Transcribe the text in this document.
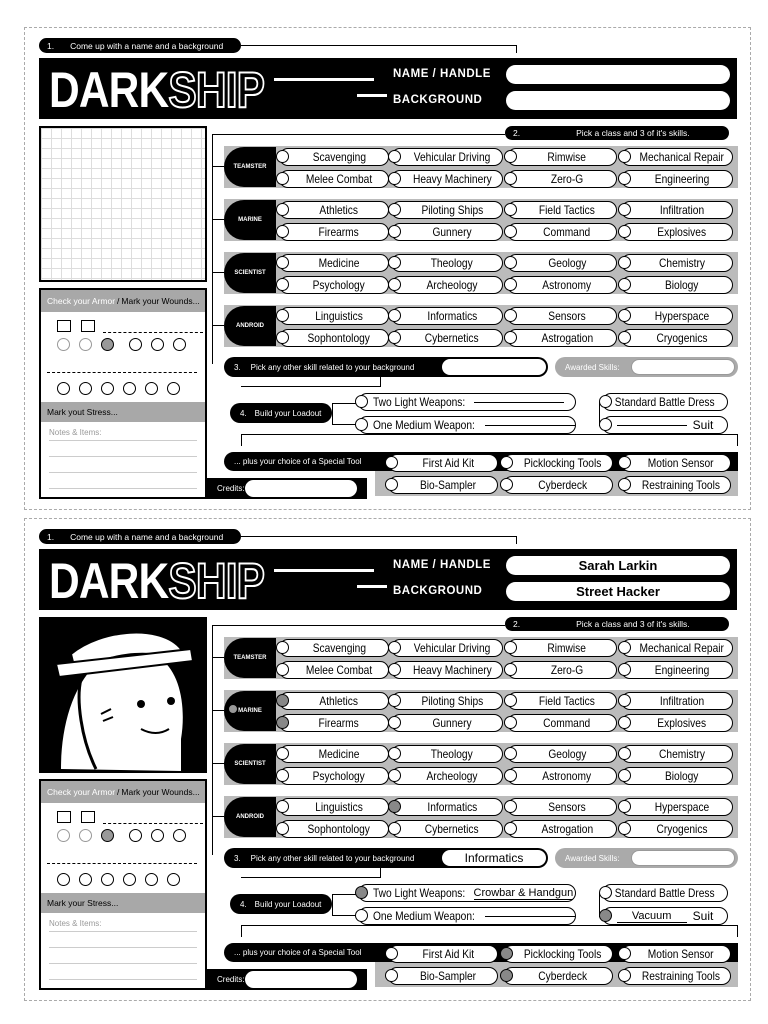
1. Come up with a name and a background
DARKSHIP	NAME / HANDLE
BACKGROUND
2.	Pick a class and 3 of it's skills.
Check your Armor / Mark your Wounds...
Mark yout Stress...
Notes & Items:
TEAMSTER
Scavenging	Vehicular Driving	Rimwise	Mechanical Repair
Melee Combat	Heavy Machinery	Zero-G	Engineering
MARINE
Athletics	Piloting Ships	Field Tactics	Infiltration
Firearms	Gunnery	Command	Explosives
SCIENTIST
Medicine	Theology	Geology	Chemistry
Psychology	Archeology	Astronomy	Biology
ANDROID
Linguistics	Informatics	Sensors	Hyperspace
Sophontology	Cybernetics	Astrogation	Cryogenics
3. Pick any other skill related to your background	Awarded Skills:
4. Build your Loadout
Two Light Weapons:
One Medium Weapon:
Standard Battle Dress
Suit
... plus your choice of a Special Tool	First Aid Kit	Picklocking Tools	Motion Sensor
Bio-Sampler	Cyberdeck	Restraining Tools
Credits:
1. Come up with a name and a background
DARKSHIP	NAME / HANDLE
BACKGROUND
Sarah Larkin
Street Hacker
2.	Pick a class and 3 of it's skills.
Check your Armor / Mark your Wounds...
Mark your Stress...
Notes & Items:
TEAMSTER
Scavenging	Vehicular Driving	Rimwise	Mechanical Repair
Melee Combat	Heavy Machinery	Zero-G	Engineering
MARINE
Athletics	Piloting Ships	Field Tactics	Infiltration
Firearms	Gunnery	Command	Explosives
SCIENTIST
Medicine	Theology	Geology	Chemistry
Psychology	Archeology	Astronomy	Biology
ANDROID
Linguistics	Informatics	Sensors	Hyperspace
Sophontology	Cybernetics	Astrogation	Cryogenics
3. Pick any other skill related to your background	Informatics	Awarded Skills:
4. Build your Loadout
Two Light Weapons: Crowbar & Handgun
One Medium Weapon:
Standard Battle Dress
Vacuum	Suit
... plus your choice of a Special Tool	First Aid Kit	Picklocking Tools	Motion Sensor
Bio-Sampler	Cyberdeck	Restraining Tools
Credits:
